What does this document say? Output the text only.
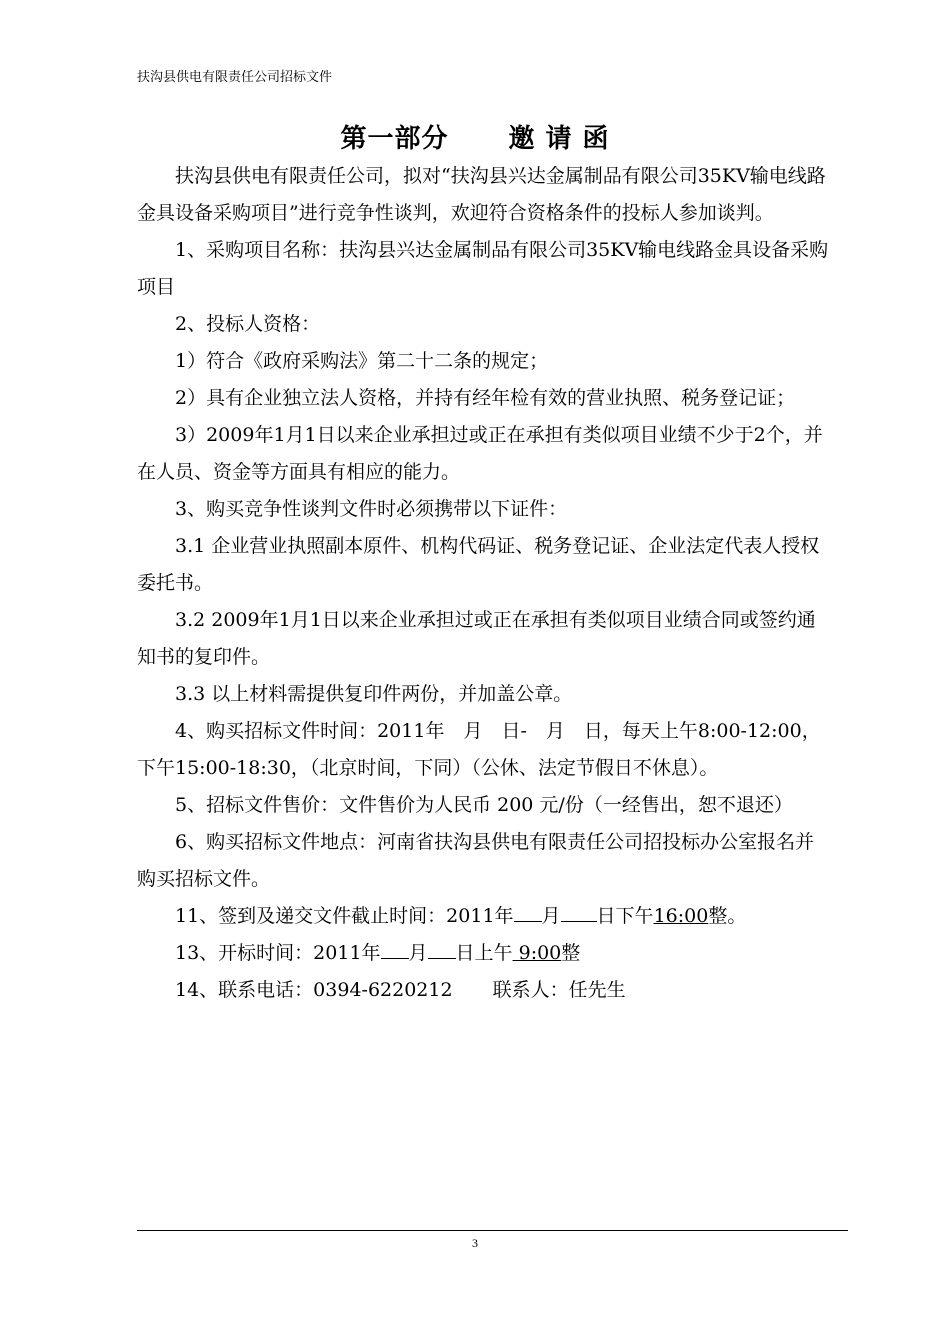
扶沟县供电有限责任公司招标文件
第一部分 邀 请 函

扶沟县供电有限责任公司，拟对“扶沟县兴达金属制品有限公司35KV输电线路金具设备采购项目”进行竞争性谈判，欢迎符合资格条件的投标人参加谈判。

1、采购项目名称：扶沟县兴达金属制品有限公司35KV输电线路金具设备采购项目

2、投标人资格：

1）符合《政府采购法》第二十二条的规定；

2）具有企业独立法人资格，并持有经年检有效的营业执照、税务登记证；

3）2009年1月1日以来企业承担过或正在承担有类似项目业绩不少于2个，并在人员、资金等方面具有相应的能力。

3、购买竞争性谈判文件时必须携带以下证件：

3.1 企业营业执照副本原件、机构代码证、税务登记证、企业法定代表人授权委托书。

3.2 2009年1月1日以来企业承担过或正在承担有类似项目业绩合同或签约通知书的复印件。

3.3 以上材料需提供复印件两份，并加盖公章。

4、购买招标文件时间：2011年　月　日-　月　日，每天上午8:00-12:00，下午15:00-18:30，（北京时间，下同）（公休、法定节假日不休息）。

5、招标文件售价：文件售价为人民币 200 元/份（一经售出，恕不退还）

6、购买招标文件地点：河南省扶沟县供电有限责任公司招投标办公室报名并购买招标文件。

11、签到及递交文件截止时间：2011年 月 日下午16:00整。

13、开标时间：2011年 月 日上午 9:00整

14、联系电话：0394-6220212 联系人：任先生

3
